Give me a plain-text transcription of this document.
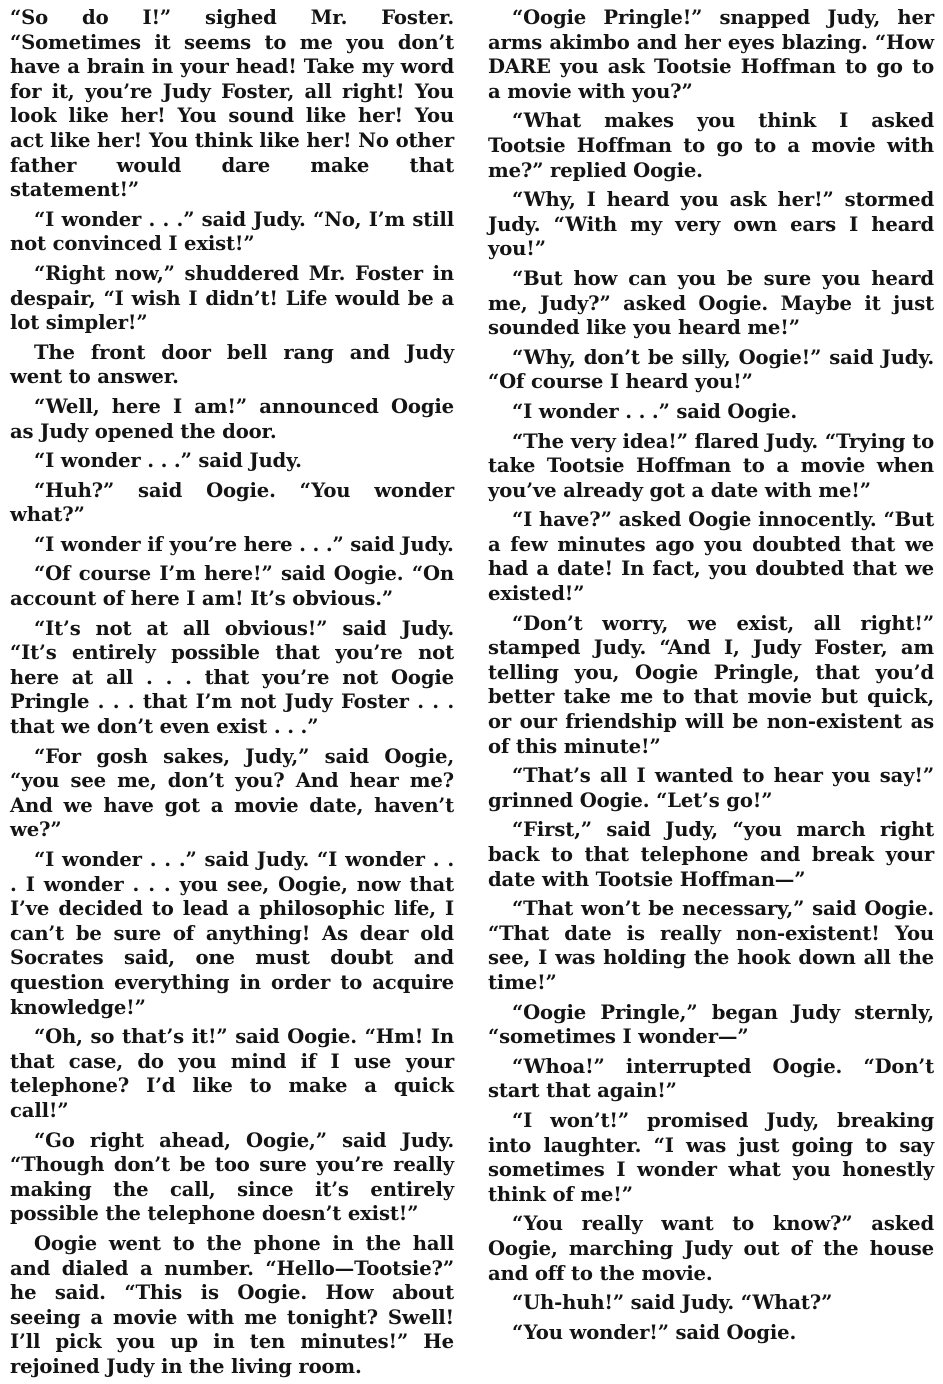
“So do I!” sighed Mr. Foster. “Sometimes it seems to me you don’t have a brain in your head! Take my word for it, you’re Judy Foster, all right! You look like her! You sound like her! You act like her! You think like her! No other father would dare make that statement!”

“I wonder . . .” said Judy. “No, I’m still not convinced I exist!”

“Right now,” shuddered Mr. Foster in despair, “I wish I didn’t! Life would be a lot simpler!”

The front door bell rang and Judy went to answer.

“Well, here I am!” announced Oogie as Judy opened the door.

“I wonder . . .” said Judy.

“Huh?” said Oogie. “You wonder what?”

“I wonder if you’re here . . .” said Judy.

“Of course I’m here!” said Oogie. “On account of here I am! It’s obvious.”

“It’s not at all obvious!” said Judy. “It’s entirely possible that you’re not here at all . . . that you’re not Oogie Pringle . . . that I’m not Judy Foster . . . that we don’t even exist . . .”

“For gosh sakes, Judy,” said Oogie, “you see me, don’t you? And hear me? And we have got a movie date, haven’t we?”

“I wonder . . .” said Judy. “I wonder . . . I wonder . . . you see, Oogie, now that I’ve decided to lead a philosophic life, I can’t be sure of anything! As dear old Socrates said, one must doubt and question everything in order to acquire knowledge!”

“Oh, so that’s it!” said Oogie. “Hm! In that case, do you mind if I use your telephone? I’d like to make a quick call!”

“Go right ahead, Oogie,” said Judy. “Though don’t be too sure you’re really making the call, since it’s entirely possible the telephone doesn’t exist!”

Oogie went to the phone in the hall and dialed a number. “Hello—Tootsie?” he said. “This is Oogie. How about seeing a movie with me tonight? Swell! I’ll pick you up in ten minutes!” He rejoined Judy in the living room.

“Oogie Pringle!” snapped Judy, her arms akimbo and her eyes blazing. “How DARE you ask Tootsie Hoffman to go to a movie with you?”

“What makes you think I asked Tootsie Hoffman to go to a movie with me?” replied Oogie.

“Why, I heard you ask her!” stormed Judy. “With my very own ears I heard you!”

“But how can you be sure you heard me, Judy?” asked Oogie. Maybe it just sounded like you heard me!”

“Why, don’t be silly, Oogie!” said Judy. “Of course I heard you!”

“I wonder . . .” said Oogie.

“The very idea!” flared Judy. “Trying to take Tootsie Hoffman to a movie when you’ve already got a date with me!”

“I have?” asked Oogie innocently. “But a few minutes ago you doubted that we had a date! In fact, you doubted that we existed!”

“Don’t worry, we exist, all right!” stamped Judy. “And I, Judy Foster, am telling you, Oogie Pringle, that you’d better take me to that movie but quick, or our friendship will be non-existent as of this minute!”

“That’s all I wanted to hear you say!” grinned Oogie. “Let’s go!”

“First,” said Judy, “you march right back to that telephone and break your date with Tootsie Hoffman—”

“That won’t be necessary,” said Oogie. “That date is really non-existent! You see, I was holding the hook down all the time!”

“Oogie Pringle,” began Judy sternly, “sometimes I wonder—”

“Whoa!” interrupted Oogie. “Don’t start that again!”

“I won’t!” promised Judy, breaking into laughter. “I was just going to say sometimes I wonder what you honestly think of me!”

“You really want to know?” asked Oogie, marching Judy out of the house and off to the movie.

“Uh-huh!” said Judy. “What?”

“You wonder!” said Oogie.
